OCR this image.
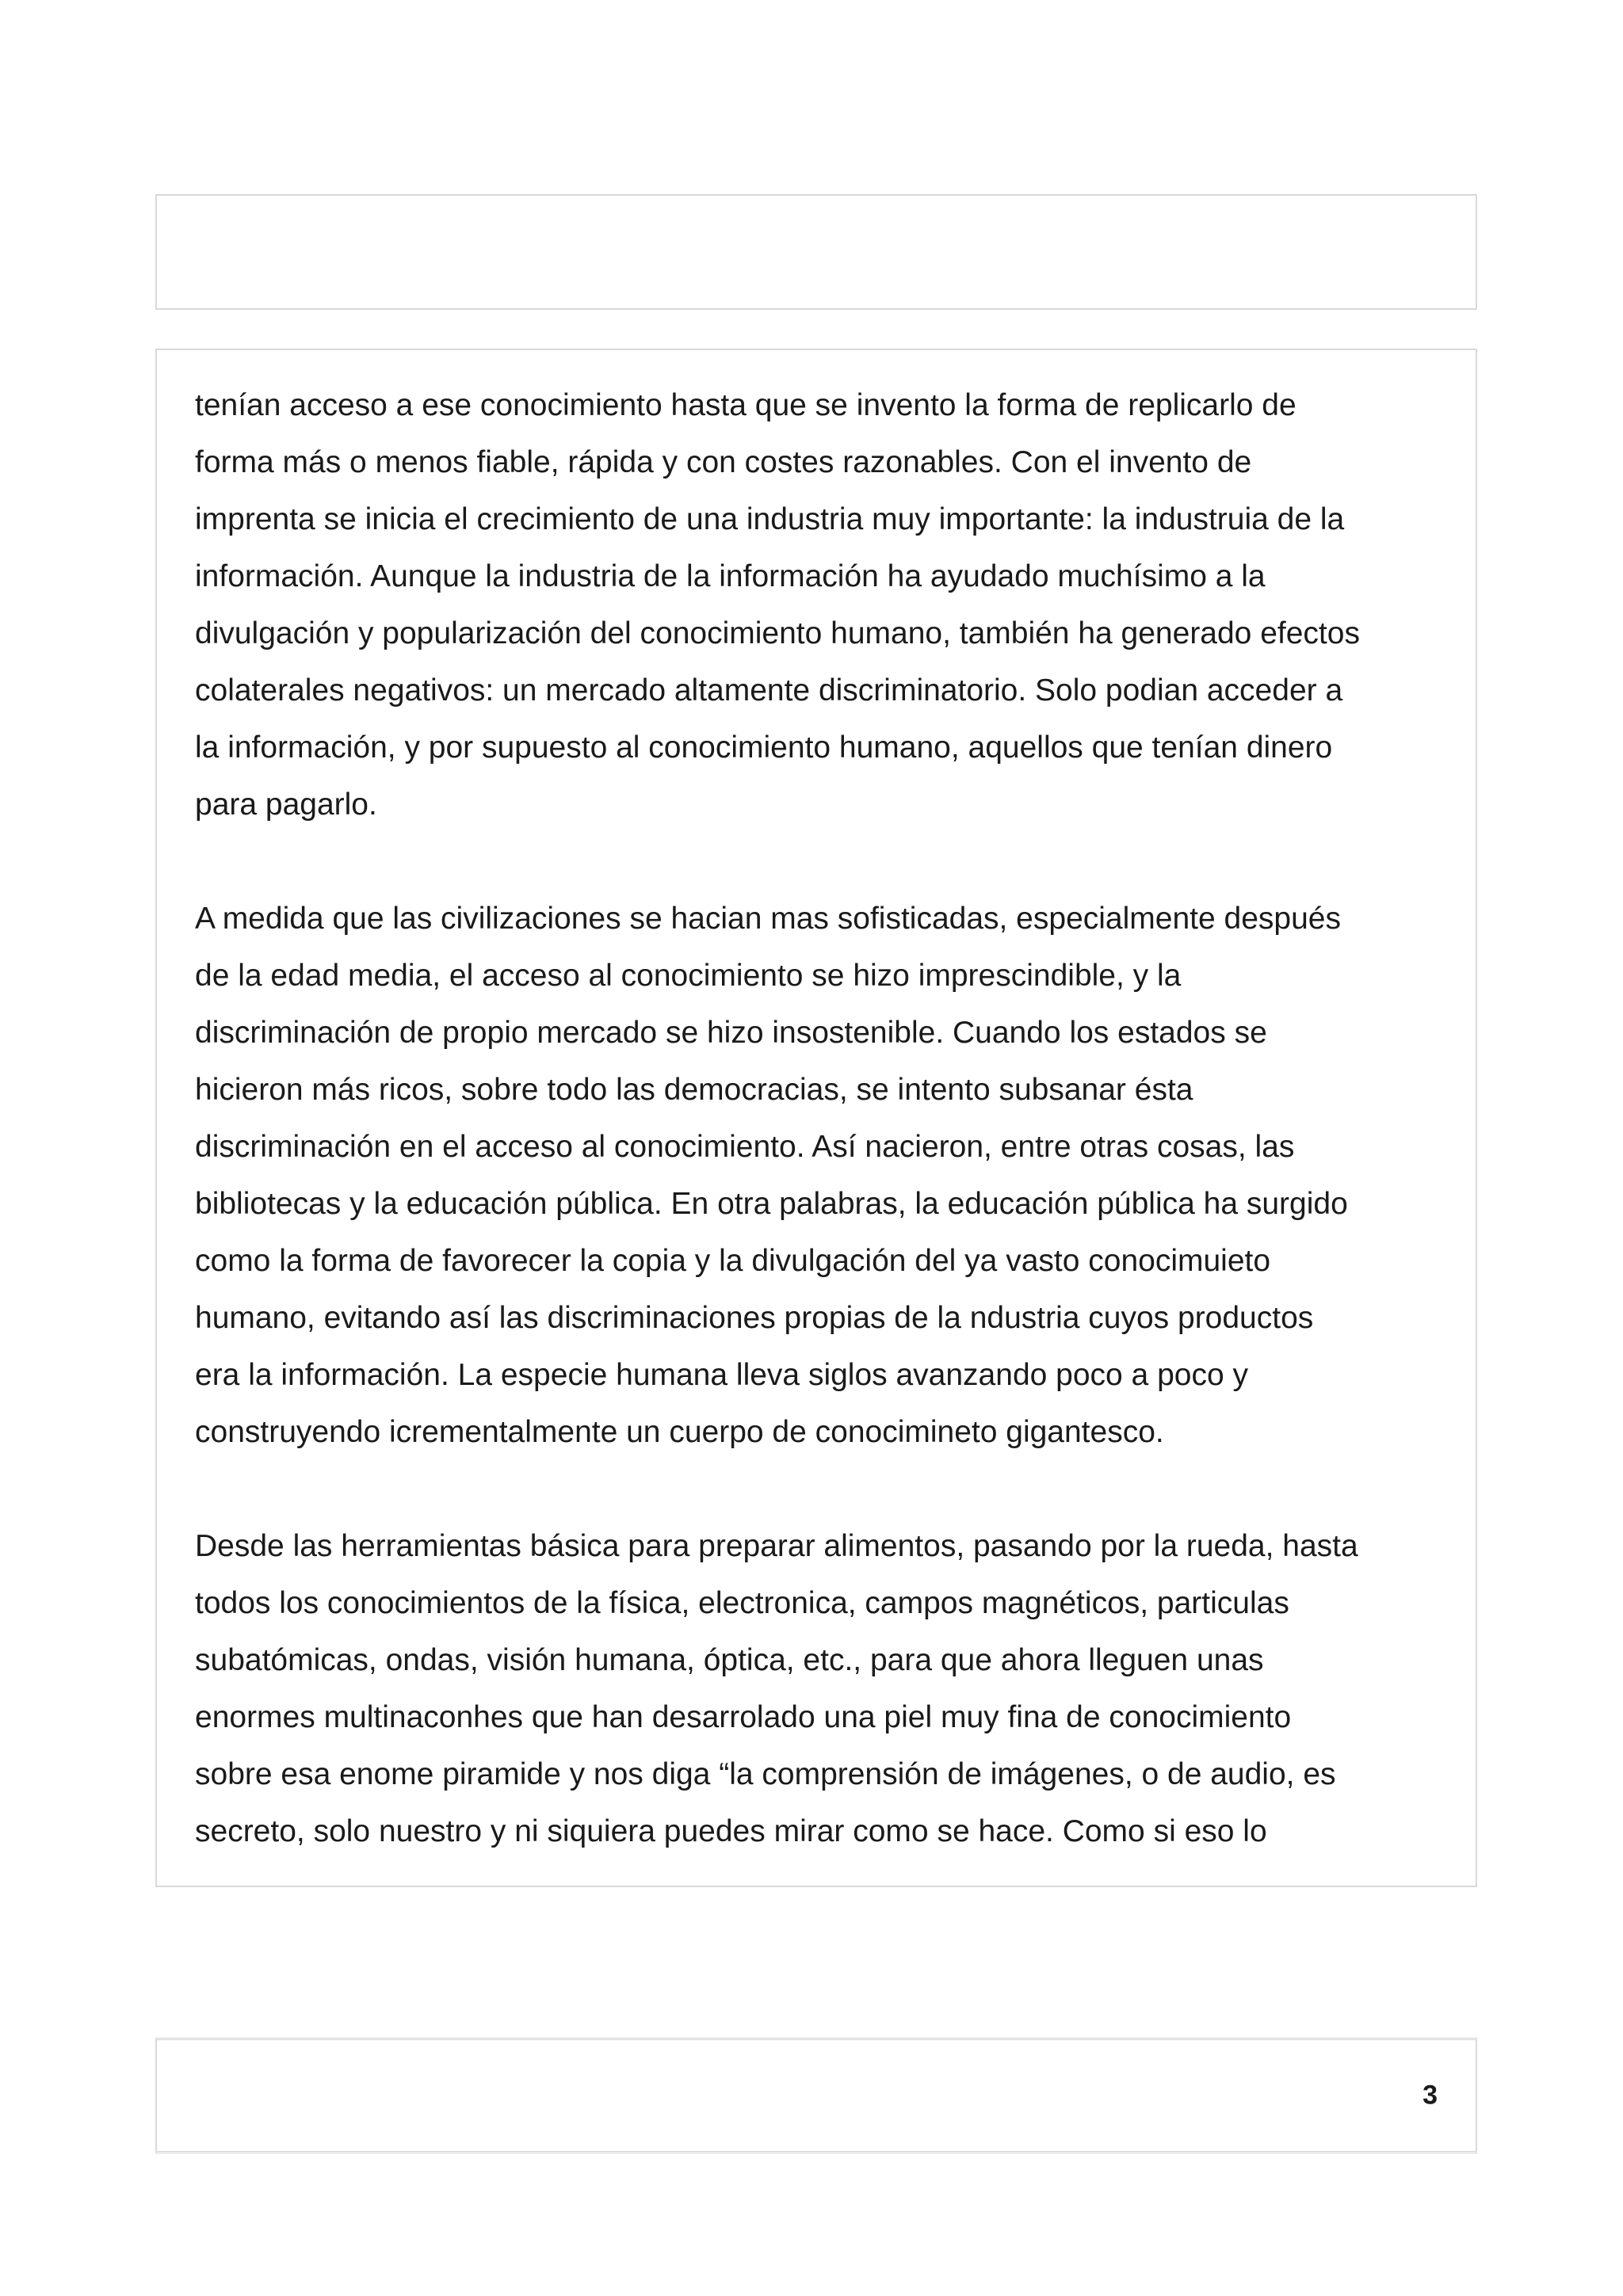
tenían acceso a ese conocimiento hasta que se invento la forma de replicarlo de
forma más o menos fiable, rápida y con costes razonables. Con el invento de
imprenta se inicia el crecimiento de una industria muy importante: la industruia de la
información. Aunque la industria de la información ha ayudado muchísimo a la
divulgación y popularización del conocimiento humano, también ha generado efectos
colaterales negativos: un mercado altamente discriminatorio. Solo podian acceder a
la información, y por supuesto al conocimiento humano, aquellos que tenían dinero
para pagarlo.

A medida que las civilizaciones se hacian mas sofisticadas, especialmente después
de la edad media, el acceso al conocimiento se hizo imprescindible, y la
discriminación de propio mercado se hizo insostenible. Cuando los estados se
hicieron más ricos, sobre todo las democracias, se intento subsanar ésta
discriminación en el acceso al conocimiento. Así nacieron, entre otras cosas, las
bibliotecas y la educación pública. En otra palabras, la educación pública ha surgido
como la forma de favorecer la copia y la divulgación del ya vasto conocimuieto
humano, evitando así las discriminaciones propias de la ndustria cuyos productos
era la información. La especie humana lleva siglos avanzando poco a poco y
construyendo icrementalmente un cuerpo de conocimineto gigantesco.

Desde las herramientas básica para preparar alimentos, pasando por la rueda, hasta
todos los conocimientos de la física, electronica, campos magnéticos, particulas
subatómicas, ondas, visión humana, óptica, etc., para que ahora lleguen unas
enormes multinaconhes que han desarrolado una piel muy fina de conocimiento
sobre esa enome piramide y nos diga “la comprensión de imágenes, o de audio, es
secreto, solo nuestro y ni siquiera puedes mirar como se hace. Como si eso lo

3
